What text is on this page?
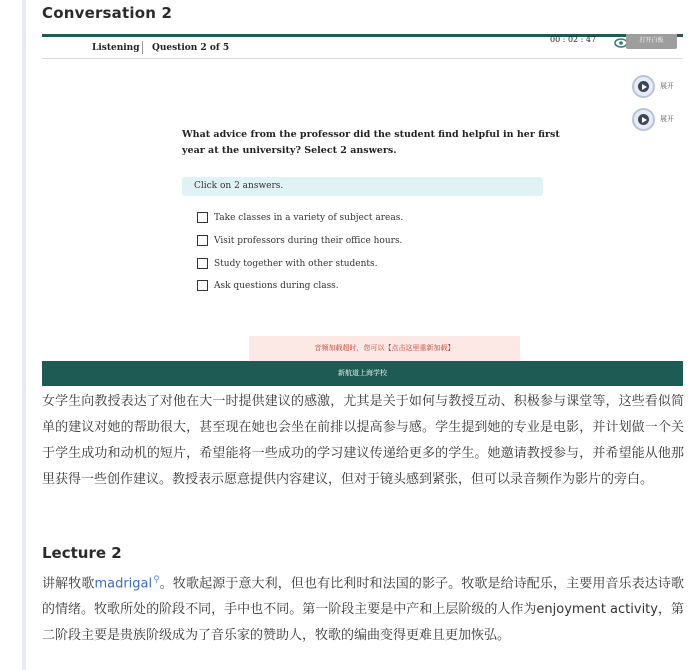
Conversation 2
Listening Question 2 of 5
00 : 02 : 47	打开白板
展开
展开
What advice from the professor did the student find helpful in her first year at the university? Select 2 answers.
Click on 2 answers.
Take classes in a variety of subject areas.
Visit professors during their office hours.
Study together with other students.
Ask questions during class.
音频加载超时，您可以【点击这里重新加载】
新航道上海学校
女学生向教授表达了对他在大一时提供建议的感激，尤其是关于如何与教授互动、积极参与课堂等，这些看似简单的建议对她的帮助很大，甚至现在她也会坐在前排以提高参与感。学生提到她的专业是电影，并计划做一个关于学生成功和动机的短片，希望能将一些成功的学习建议传递给更多的学生。她邀请教授参与，并希望能从他那里获得一些创作建议。教授表示愿意提供内容建议，但对于镜头感到紧张，但可以录音频作为影片的旁白。
Lecture 2
讲解牧歌madrigal⚲。牧歌起源于意大利，但也有比利时和法国的影子。牧歌是给诗配乐，主要用音乐表达诗歌的情绪。牧歌所处的阶段不同，手中也不同。第一阶段主要是中产和上层阶级的人作为enjoyment activity，第二阶段主要是贵族阶级成为了音乐家的赞助人，牧歌的编曲变得更难且更加恢弘。
